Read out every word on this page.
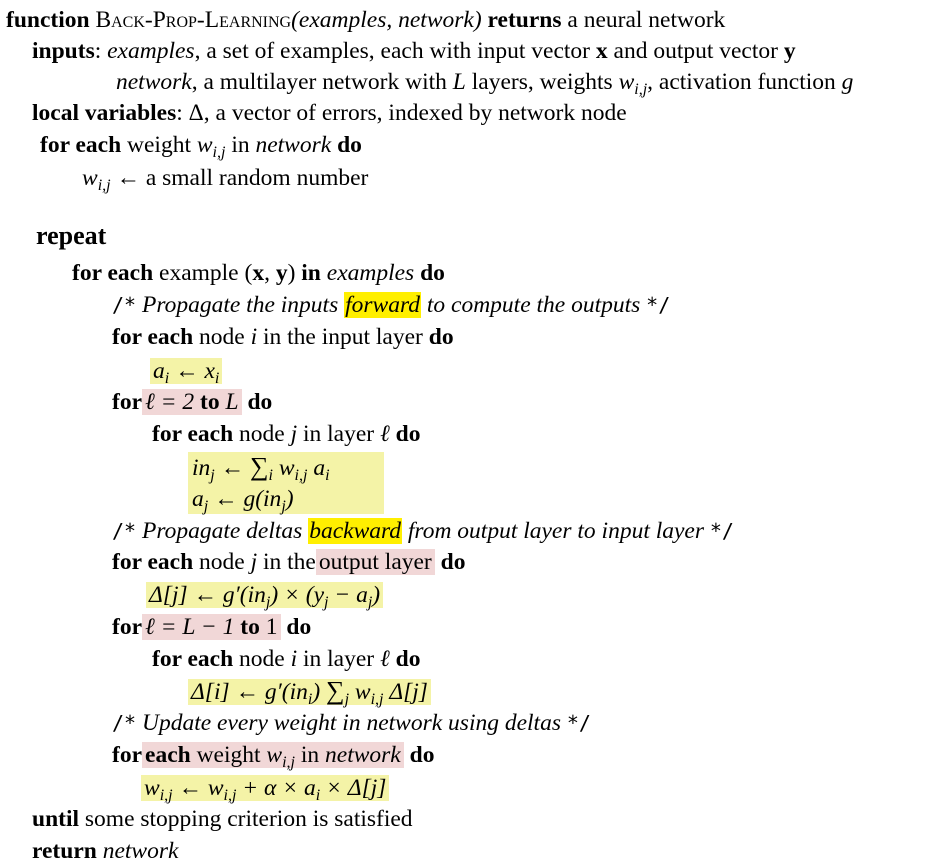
function Back-Prop-Learning(examples, network) returns a neural network
inputs: examples, a set of examples, each with input vector x and output vector y
network, a multilayer network with L layers, weights $w_{i,j}$, activation function g
local variables: Δ, a vector of errors, indexed by network node
for each weight $w_{i,j}$ in network do
$w_{i,j}$ ← a small random number
repeat
for each example (x, y) in examples do
/* Propagate the inputs forward to compute the outputs */
for each node i in the input layer do
$a_i$ ← $x_i$
for ℓ = 2 to L do
for each node j in layer ℓ do
$in_j$ ← $\sum_i$ $w_{i,j}$ $a_i$
$a_j$ ← $g(in_j)$
/* Propagate deltas backward from output layer to input layer */
for each node j in the output layer do
Δ[j] ← $g'(in_j) \times (y_j - a_j)$
for ℓ = L − 1 to 1 do
for each node i in layer ℓ do
Δ[i] ← $g'(in_i)$ $\sum_j$ $w_{i,j}$ Δ[j]
/* Update every weight in network using deltas */
for each weight $w_{i,j}$ in network do
$w_{i,j}$ ← $w_{i,j} + \alpha \times a_i \times \Delta[j]$
until some stopping criterion is satisfied
return network
